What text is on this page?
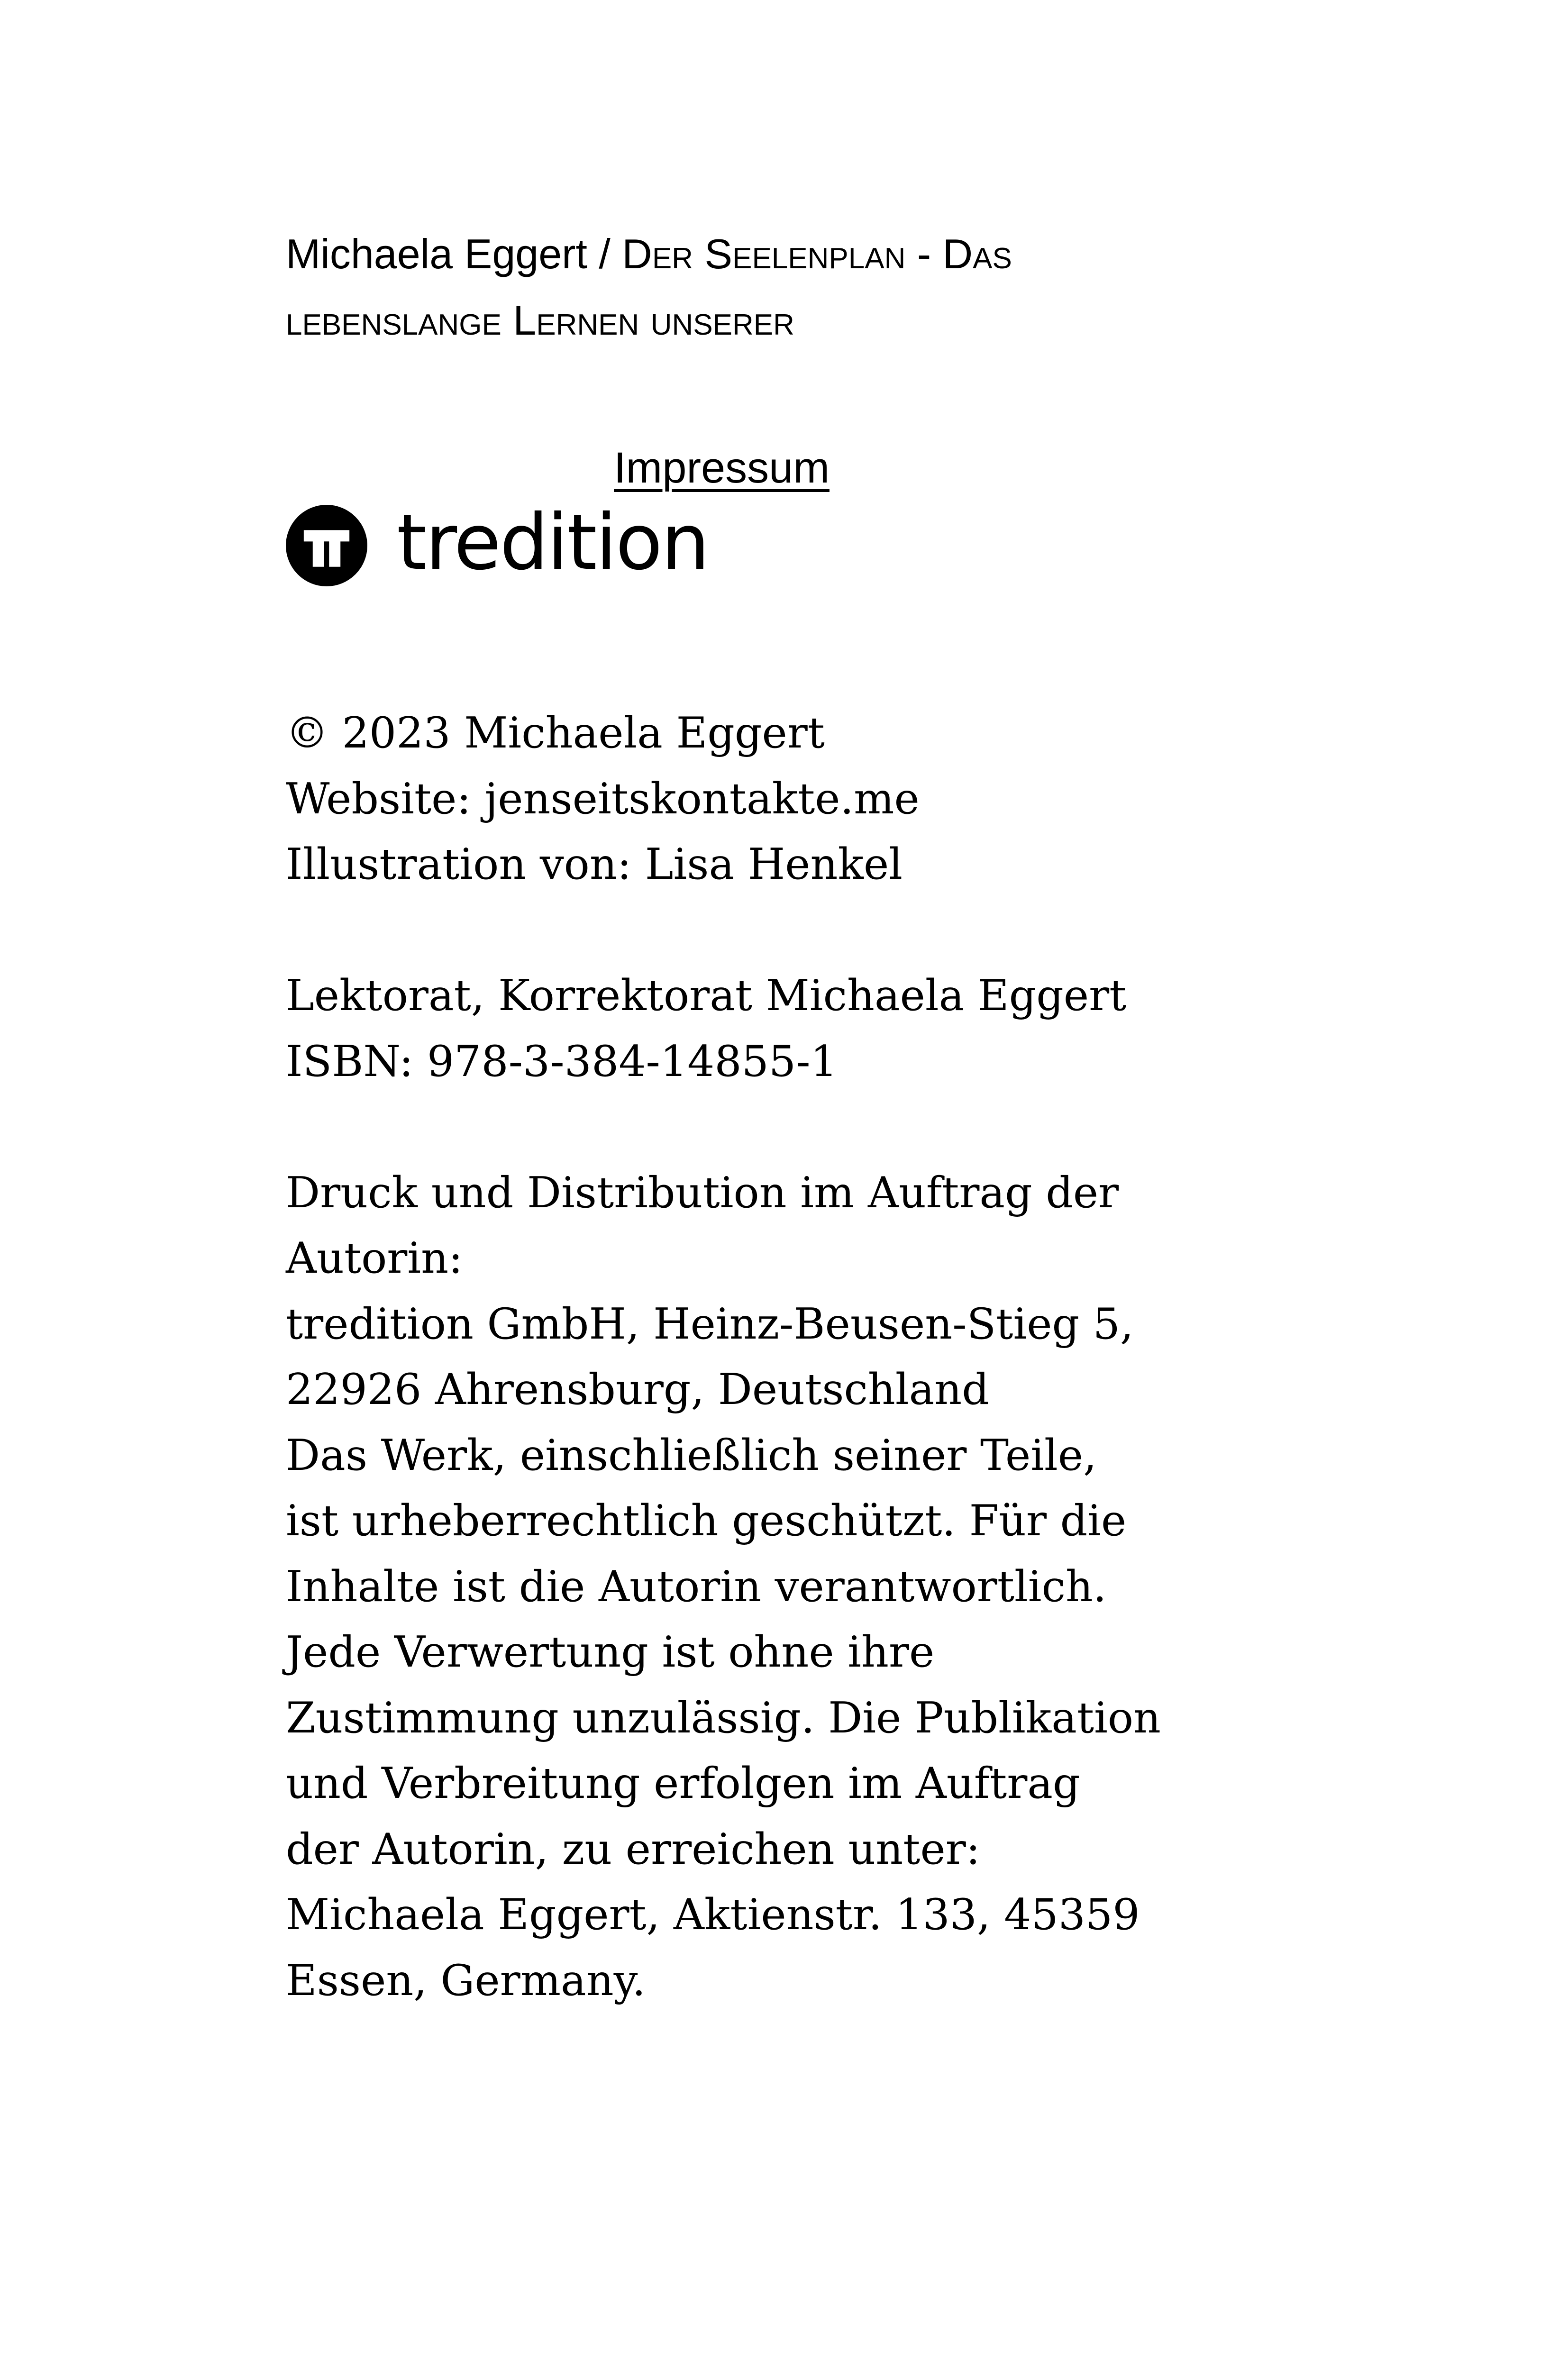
Michaela Eggert / Der Seelenplan - Das
lebenslange Lernen unserer
Impressum
tredition
© 2023 Michaela Eggert
Website: jenseitskontakte.me
Illustration von: Lisa Henkel
Lektorat, Korrektorat Michaela Eggert
ISBN: 978-3-384-14855-1
Druck und Distribution im Auftrag der
Autorin:
tredition GmbH, Heinz-Beusen-Stieg 5,
22926 Ahrensburg, Deutschland
Das Werk, einschließlich seiner Teile,
ist urheberrechtlich geschützt. Für die
Inhalte ist die Autorin verantwortlich.
Jede Verwertung ist ohne ihre
Zustimmung unzulässig. Die Publikation
und Verbreitung erfolgen im Auftrag
der Autorin, zu erreichen unter:
Michaela Eggert, Aktienstr. 133, 45359
Essen, Germany.
